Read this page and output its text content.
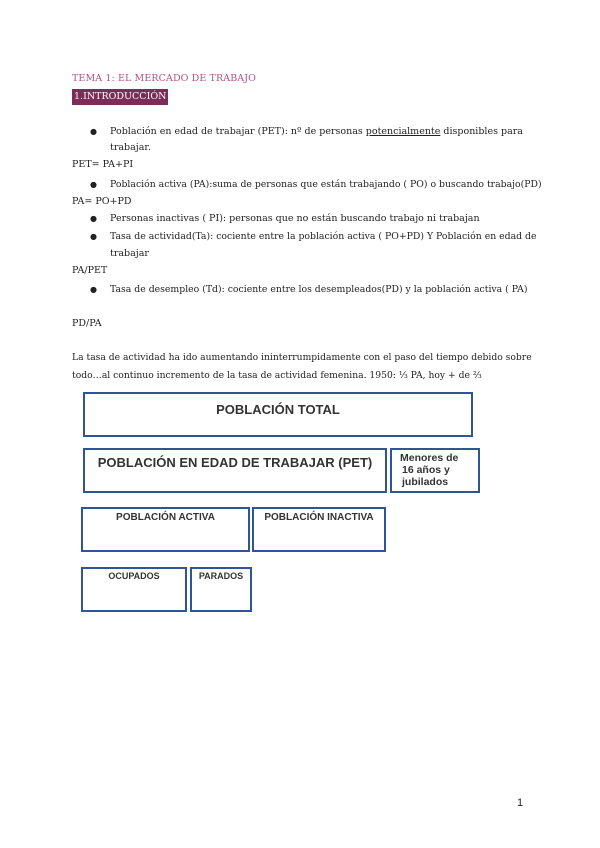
TEMA 1: EL MERCADO DE TRABAJO
1.INTRODUCCIÓN
● Población en edad de trabajar (PET): nº de personas potencialmente disponibles para
trabajar.
PET= PA+PI
● Población activa (PA):suma de personas que están trabajando ( PO) o buscando trabajo(PD)
PA= PO+PD
● Personas inactivas ( PI): personas que no están buscando trabajo ni trabajan
● Tasa de actividad(Ta): cociente entre la población activa ( PO+PD) Y Población en edad de
trabajar
PA/PET
● Tasa de desempleo (Td): cociente entre los desempleados(PD) y la población activa ( PA)
PD/PA
La tasa de actividad ha ido aumentando ininterrumpidamente con el paso del tiempo debido sobre
todo…al continuo incremento de la tasa de actividad femenina. 1950: ⅓ PA, hoy + de ⅔
POBLACIÓN TOTAL
POBLACIÓN EN EDAD DE TRABAJAR (PET)	Menores de
16 años y
jubilados
POBLACIÓN ACTIVA	POBLACIÓN INACTIVA
OCUPADOS	PARADOS
1
